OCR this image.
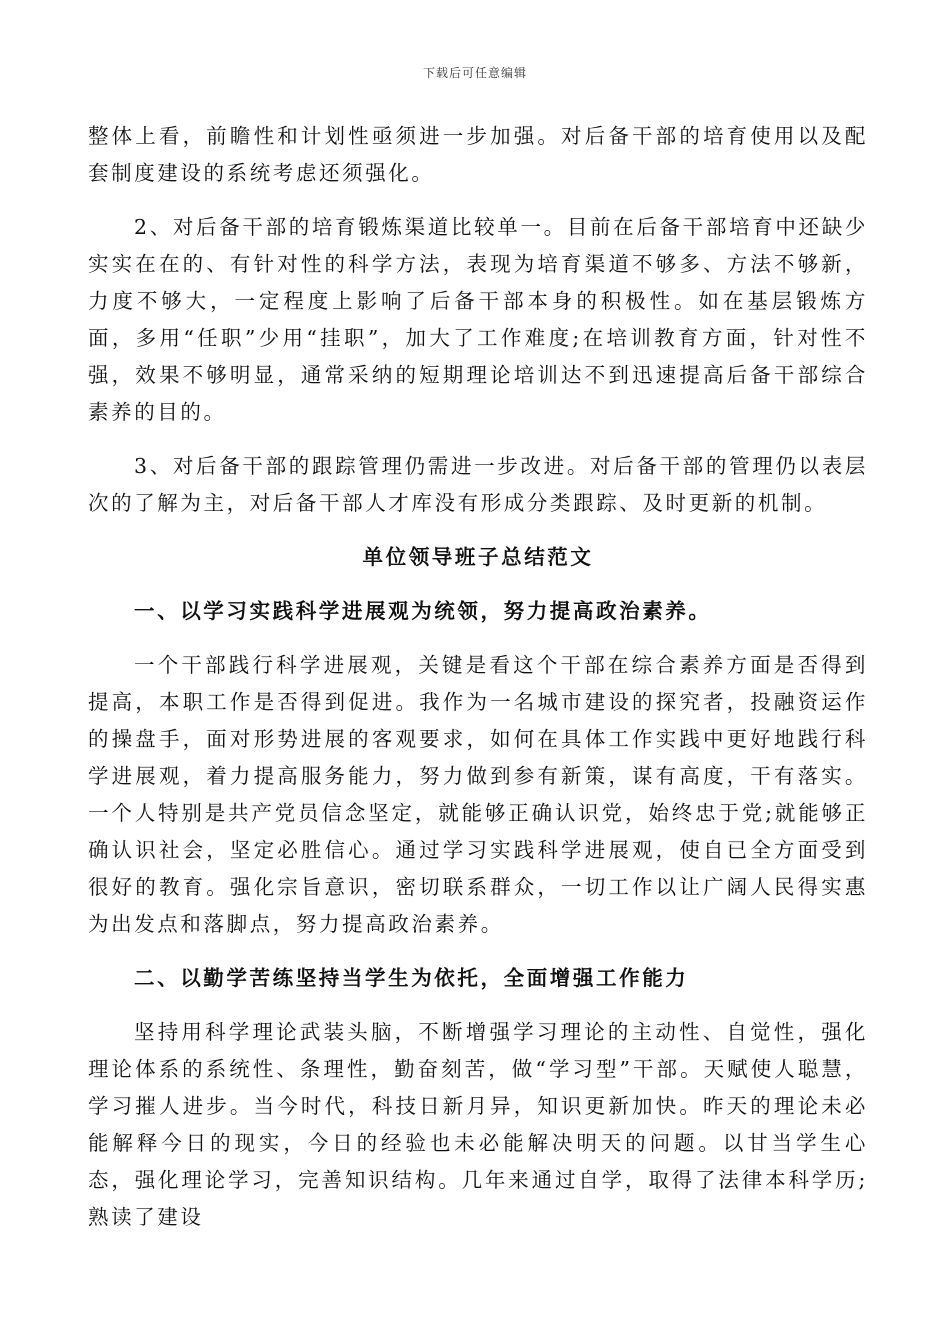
下载后可任意编辑

整体上看，前瞻性和计划性亟须进一步加强。对后备干部的培育使用以及配套制度建设的系统考虑还须强化。

2、对后备干部的培育锻炼渠道比较单一。目前在后备干部培育中还缺少实实在在的、有针对性的科学方法，表现为培育渠道不够多、方法不够新，力度不够大，一定程度上影响了后备干部本身的积极性。如在基层锻炼方面，多用“任职”少用“挂职”，加大了工作难度;在培训教育方面，针对性不强，效果不够明显，通常采纳的短期理论培训达不到迅速提高后备干部综合素养的目的。

3、对后备干部的跟踪管理仍需进一步改进。对后备干部的管理仍以表层次的了解为主，对后备干部人才库没有形成分类跟踪、及时更新的机制。

单位领导班子总结范文

一、以学习实践科学进展观为统领，努力提高政治素养。

一个干部践行科学进展观，关键是看这个干部在综合素养方面是否得到提高，本职工作是否得到促进。我作为一名城市建设的探究者，投融资运作的操盘手，面对形势进展的客观要求，如何在具体工作实践中更好地践行科学进展观，着力提高服务能力，努力做到参有新策，谋有高度，干有落实。一个人特别是共产党员信念坚定，就能够正确认识党，始终忠于党;就能够正确认识社会，坚定必胜信心。通过学习实践科学进展观，使自已全方面受到很好的教育。强化宗旨意识，密切联系群众，一切工作以让广阔人民得实惠为出发点和落脚点，努力提高政治素养。

二、以勤学苦练坚持当学生为依托，全面增强工作能力

坚持用科学理论武装头脑，不断增强学习理论的主动性、自觉性，强化理论体系的系统性、条理性，勤奋刻苦，做“学习型”干部。天赋使人聪慧，学习摧人进步。当今时代，科技日新月异，知识更新加快。昨天的理论未必能解释今日的现实，今日的经验也未必能解决明天的问题。以甘当学生心态，强化理论学习，完善知识结构。几年来通过自学，取得了法律本科学历;熟读了建设
